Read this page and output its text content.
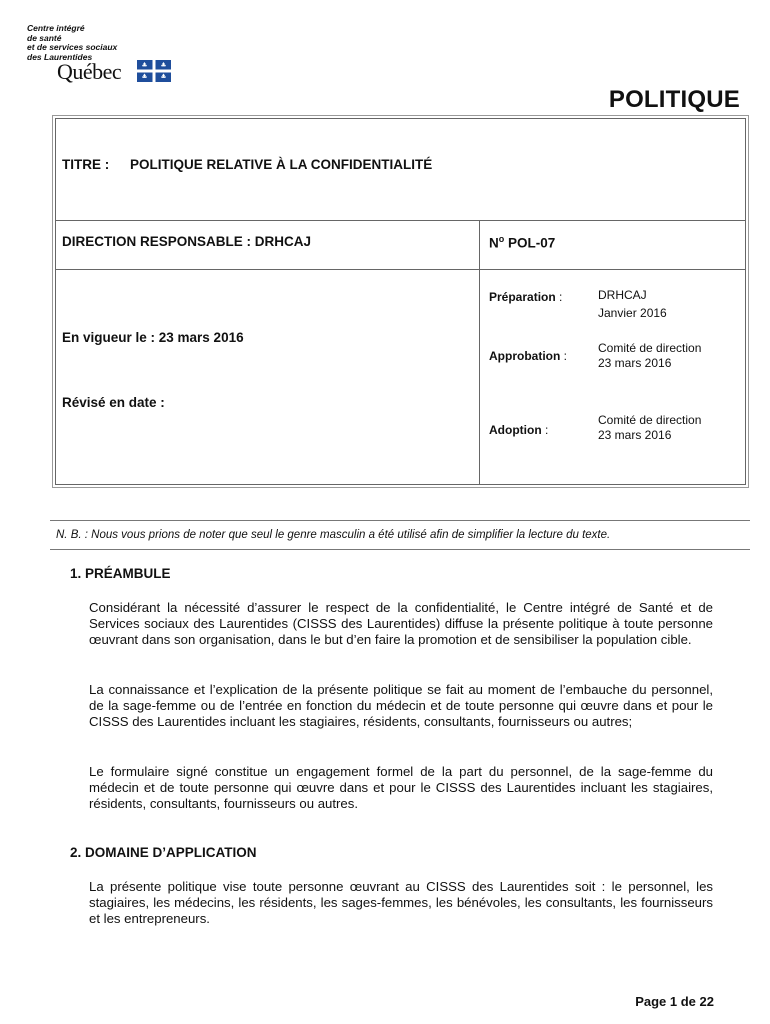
Centre intégré
de santé
et de services sociaux
des Laurentides
Québec
POLITIQUE
TITRE : POLITIQUE RELATIVE À LA CONFIDENTIALITÉ
DIRECTION RESPONSABLE : DRHCAJ	$N^o$ POL-07
En vigueur le : 23 mars 2016
Révisé en date :
Préparation :	DRHCAJ
Janvier 2016
Approbation :
Comité de direction
23 mars 2016
Adoption :
Comité de direction
23 mars 2016
N. B. : Nous vous prions de noter que seul le genre masculin a été utilisé afin de simplifier la lecture du texte.
1. PRÉAMBULE

Considérant la nécessité d’assurer le respect de la confidentialité, le Centre intégré de Santé et de Services sociaux des Laurentides (CISSS des Laurentides) diffuse la présente politique à toute personne œuvrant dans son organisation, dans le but d’en faire la promotion et de sensibiliser la population cible.

La connaissance et l’explication de la présente politique se fait au moment de l’embauche du personnel, de la sage-femme ou de l’entrée en fonction du médecin et de toute personne qui œuvre dans et pour le CISSS des Laurentides incluant les stagiaires, résidents, consultants, fournisseurs ou autres;

Le formulaire signé constitue un engagement formel de la part du personnel, de la sage-femme du médecin et de toute personne qui œuvre dans et pour le CISSS des Laurentides incluant les stagiaires, résidents, consultants, fournisseurs ou autres.

2. DOMAINE D’APPLICATION

La présente politique vise toute personne œuvrant au CISSS des Laurentides soit : le personnel, les stagiaires, les médecins, les résidents, les sages-femmes, les bénévoles, les consultants, les fournisseurs et les entrepreneurs.

Page 1 de 22
